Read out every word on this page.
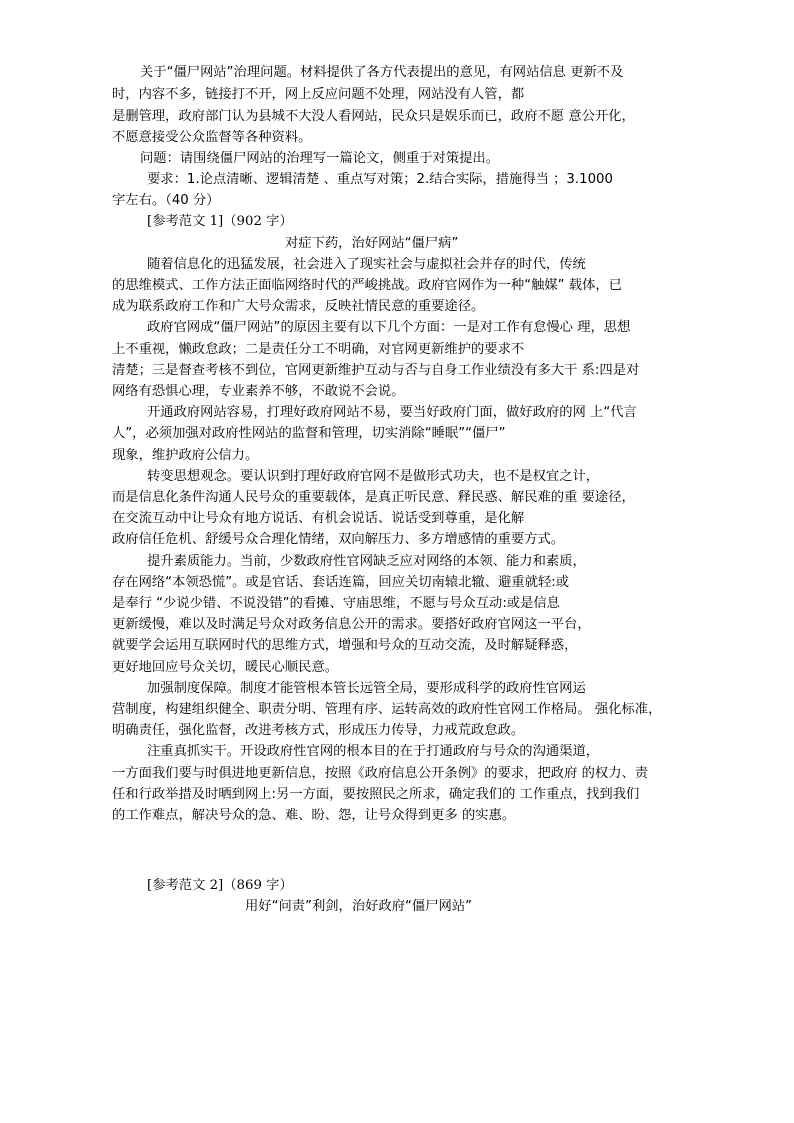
关于“僵尸网站”治理问题。材料提供了各方代表提出的意见，有网站信息 更新不及
时，内容不多，链接打不开，网上反应问题不处理，网站没有人管，都
是删管理，政府部门认为县城不大没人看网站，民众只是娱乐而已，政府不愿 意公开化，
不愿意接受公众监督等各种资料。
问题：请围绕僵尸网站的治理写一篇论文，侧重于对策提出。
要求：1.论点清晰、逻辑清楚 、重点写对策；2.结合实际，措施得当 ；3.1000
字左右。（40 分）
[参考范文 1]（902 字）
对症下药，治好网站“僵尸病”
随着信息化的迅猛发展，社会进入了现实社会与虚拟社会并存的时代，传统
的思维模式、工作方法正面临网络时代的严峻挑战。政府官网作为一种“触媒” 载体，已
成为联系政府工作和广大号众需求，反映社情民意的重要途径。
政府官网成“僵尸网站”的原因主要有以下几个方面：一是对工作有怠慢心 理，思想
上不重视，懒政怠政；二是责任分工不明确，对官网更新维护的要求不
清楚；三是督查考核不到位，官网更新维护互动与否与自身工作业绩没有多大干 系:四是对
网络有恐惧心理，专业素养不够，不敢说不会说。
开通政府网站容易，打理好政府网站不易，要当好政府门面，做好政府的网 上“代言
人”，必须加强对政府性网站的监督和管理，切实消除“睡眠”“僵尸”
现象，维护政府公信力。
转变思想观念。要认识到打理好政府官网不是做形式功夫，也不是权宜之计，
而是信息化条件沟通人民号众的重要载体，是真正听民意、释民惑、解民难的重 要途径，
在交流互动中让号众有地方说话、有机会说话、说话受到尊重，是化解
政府信任危机、舒缓号众合理化情绪，双向解压力、多方增感情的重要方式。
提升素质能力。当前，少数政府性官网缺乏应对网络的本领、能力和素质，
存在网络“本领恐慌”。或是官话、套话连篇，回应关切南辕北辙、避重就轻:或
是奉行 “少说少错、不说没错”的看摊、守庙思维，不愿与号众互动:或是信息
更新缓慢，难以及时满足号众对政务信息公开的需求。要搭好政府官网这一平台，
就要学会运用互联网时代的思维方式，增强和号众的互动交流，及时解疑释惑，
更好地回应号众关切，暖民心顺民意。
加强制度保障。制度才能管根本管长远管全局，要形成科学的政府性官网运
营制度，构建组织健全、职责分明、管理有序、运转高效的政府性官网工作格局。 强化标准，
明确责任，强化监督，改进考核方式，形成压力传导，力戒荒政怠政。
注重真抓实干。开设政府性官网的根本目的在于打通政府与号众的沟通渠道，
一方面我们要与时俱进地更新信息，按照《政府信息公开条例》的要求，把政府 的权力、责
任和行政举措及时晒到网上:另一方面，要按照民之所求，确定我们的 工作重点，找到我们
的工作难点，解决号众的急、难、盼、怨，让号众得到更多 的实惠。
[参考范文 2]（869 字）
用好“问责”利剑，治好政府“僵尸网站”
